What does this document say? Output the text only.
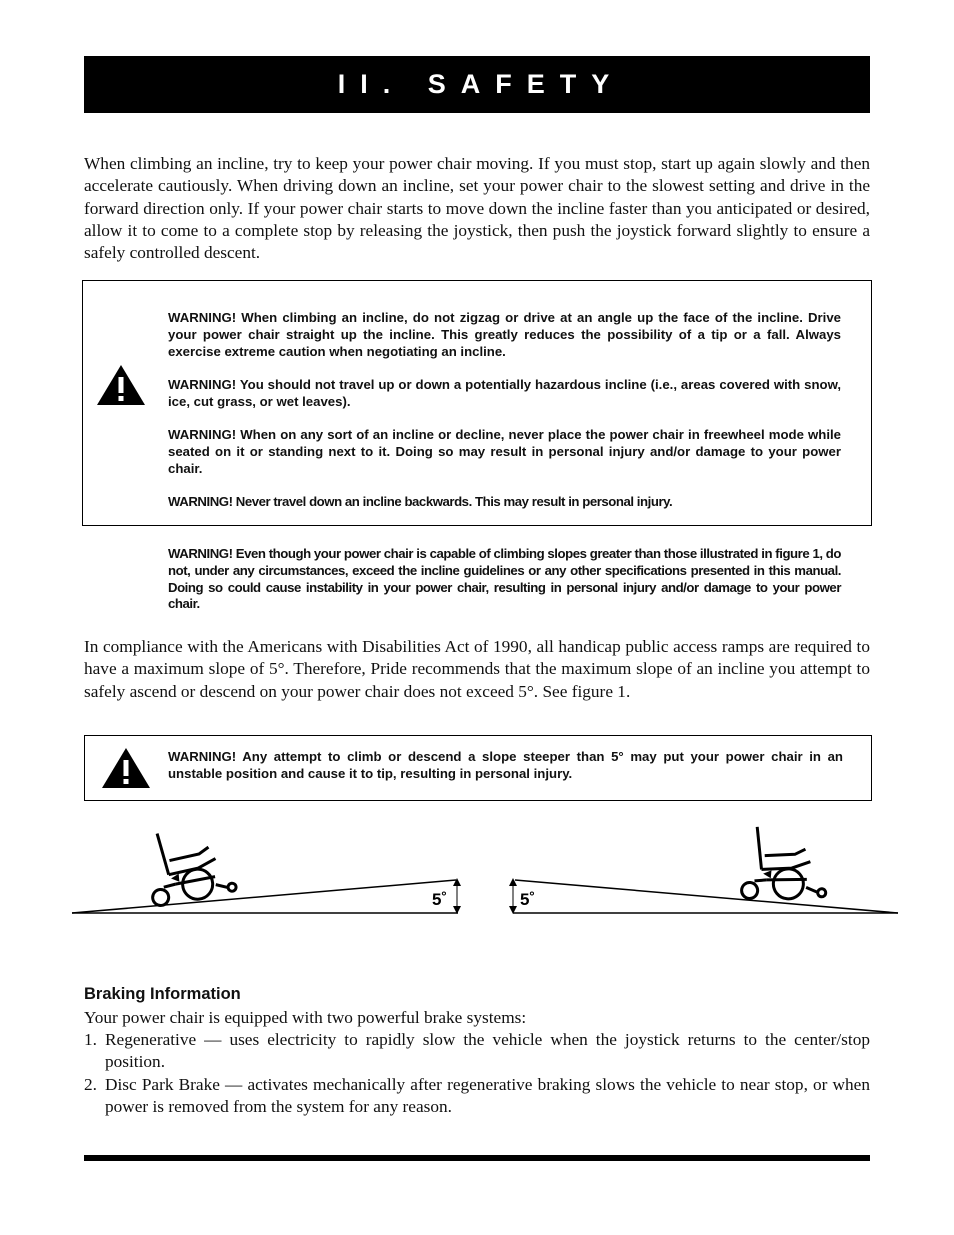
II. SAFETY
When climbing an incline, try to keep your power chair moving. If you must stop, start up again slowly and then accelerate cautiously. When driving down an incline, set your power chair to the slowest setting and drive in the forward direction only. If your power chair starts to move down the incline faster than you anticipated or desired, allow it to come to a complete stop by releasing the joystick, then push the joystick forward slightly to ensure a safely controlled descent.

WARNING! When climbing an incline, do not zigzag or drive at an angle up the face of the incline. Drive your power chair straight up the incline. This greatly reduces the possibility of a tip or a fall. Always exercise extreme caution when negotiating an incline.

WARNING! You should not travel up or down a potentially hazardous incline (i.e., areas covered with snow, ice, cut grass, or wet leaves).

WARNING! When on any sort of an incline or decline, never place the power chair in freewheel mode while seated on it or standing next to it. Doing so may result in personal injury and/or damage to your power chair.

WARNING! Never travel down an incline backwards. This may result in personal injury.

WARNING! Even though your power chair is capable of climbing slopes greater than those illustrated in figure 1, do not, under any circumstances, exceed the incline guidelines or any other specifications presented in this manual. Doing so could cause instability in your power chair, resulting in personal injury and/or damage to your power chair.
In compliance with the Americans with Disabilities Act of 1990, all handicap public access ramps are required to have a maximum slope of 5°. Therefore, Pride recommends that the maximum slope of an incline you attempt to safely ascend or descend on your power chair does not exceed 5°. See figure 1.
WARNING! Any attempt to climb or descend a slope steeper than 5° may put your power chair in an unstable position and cause it to tip, resulting in personal injury.
5˚	5˚
Braking Information
Your power chair is equipped with two powerful brake systems:
1. Regenerative — uses electricity to rapidly slow the vehicle when the joystick returns to the center/stop position.
2. Disc Park Brake — activates mechanically after regenerative braking slows the vehicle to near stop, or when power is removed from the system for any reason.
